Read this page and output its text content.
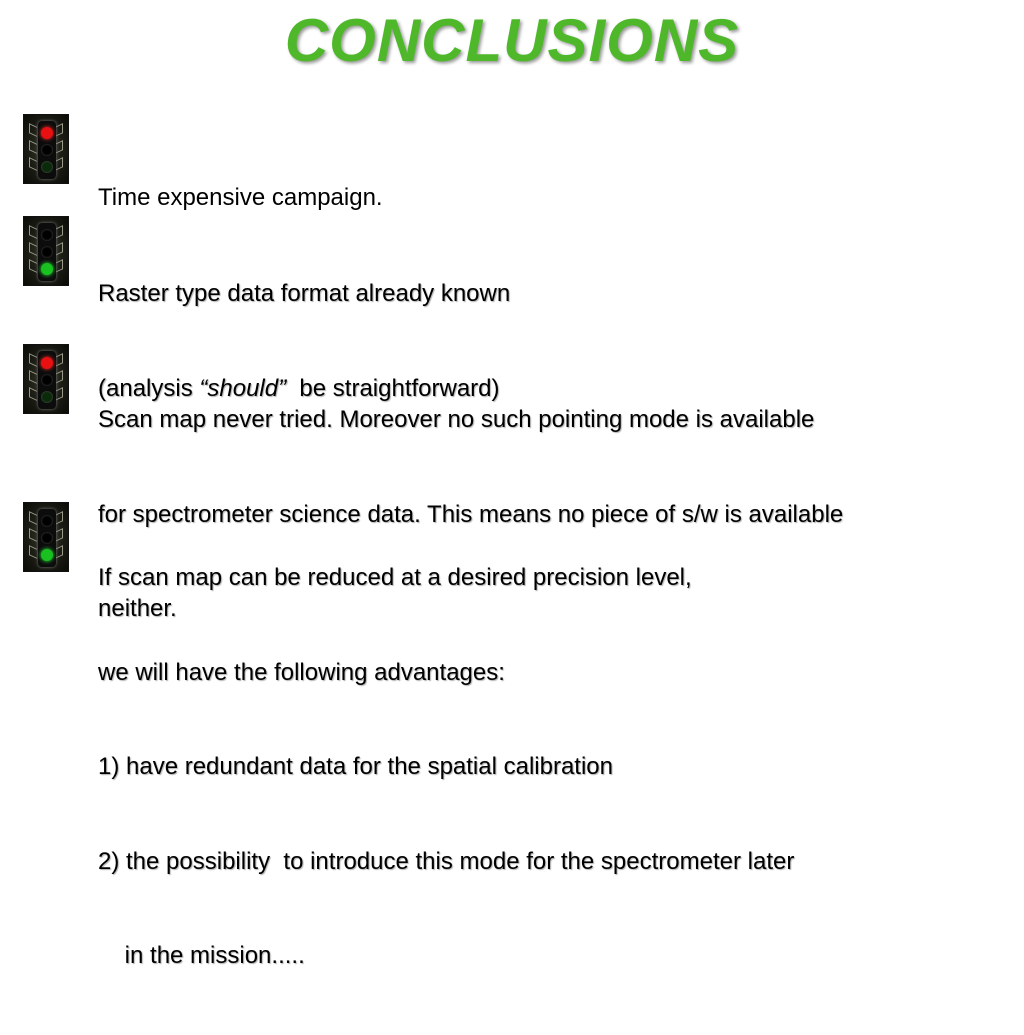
CONCLUSIONS

Time expensive campaign.

Raster type data format already known

(analysis “should”  be straightforward)

Scan map never tried. Moreover no such pointing mode is available

for spectrometer science data. This means no piece of s/w is available

neither.

If scan map can be reduced at a desired precision level,

we will have the following advantages:

1) have redundant data for the spatial calibration

2) the possibility  to introduce this mode for the spectrometer later

in the mission.....
